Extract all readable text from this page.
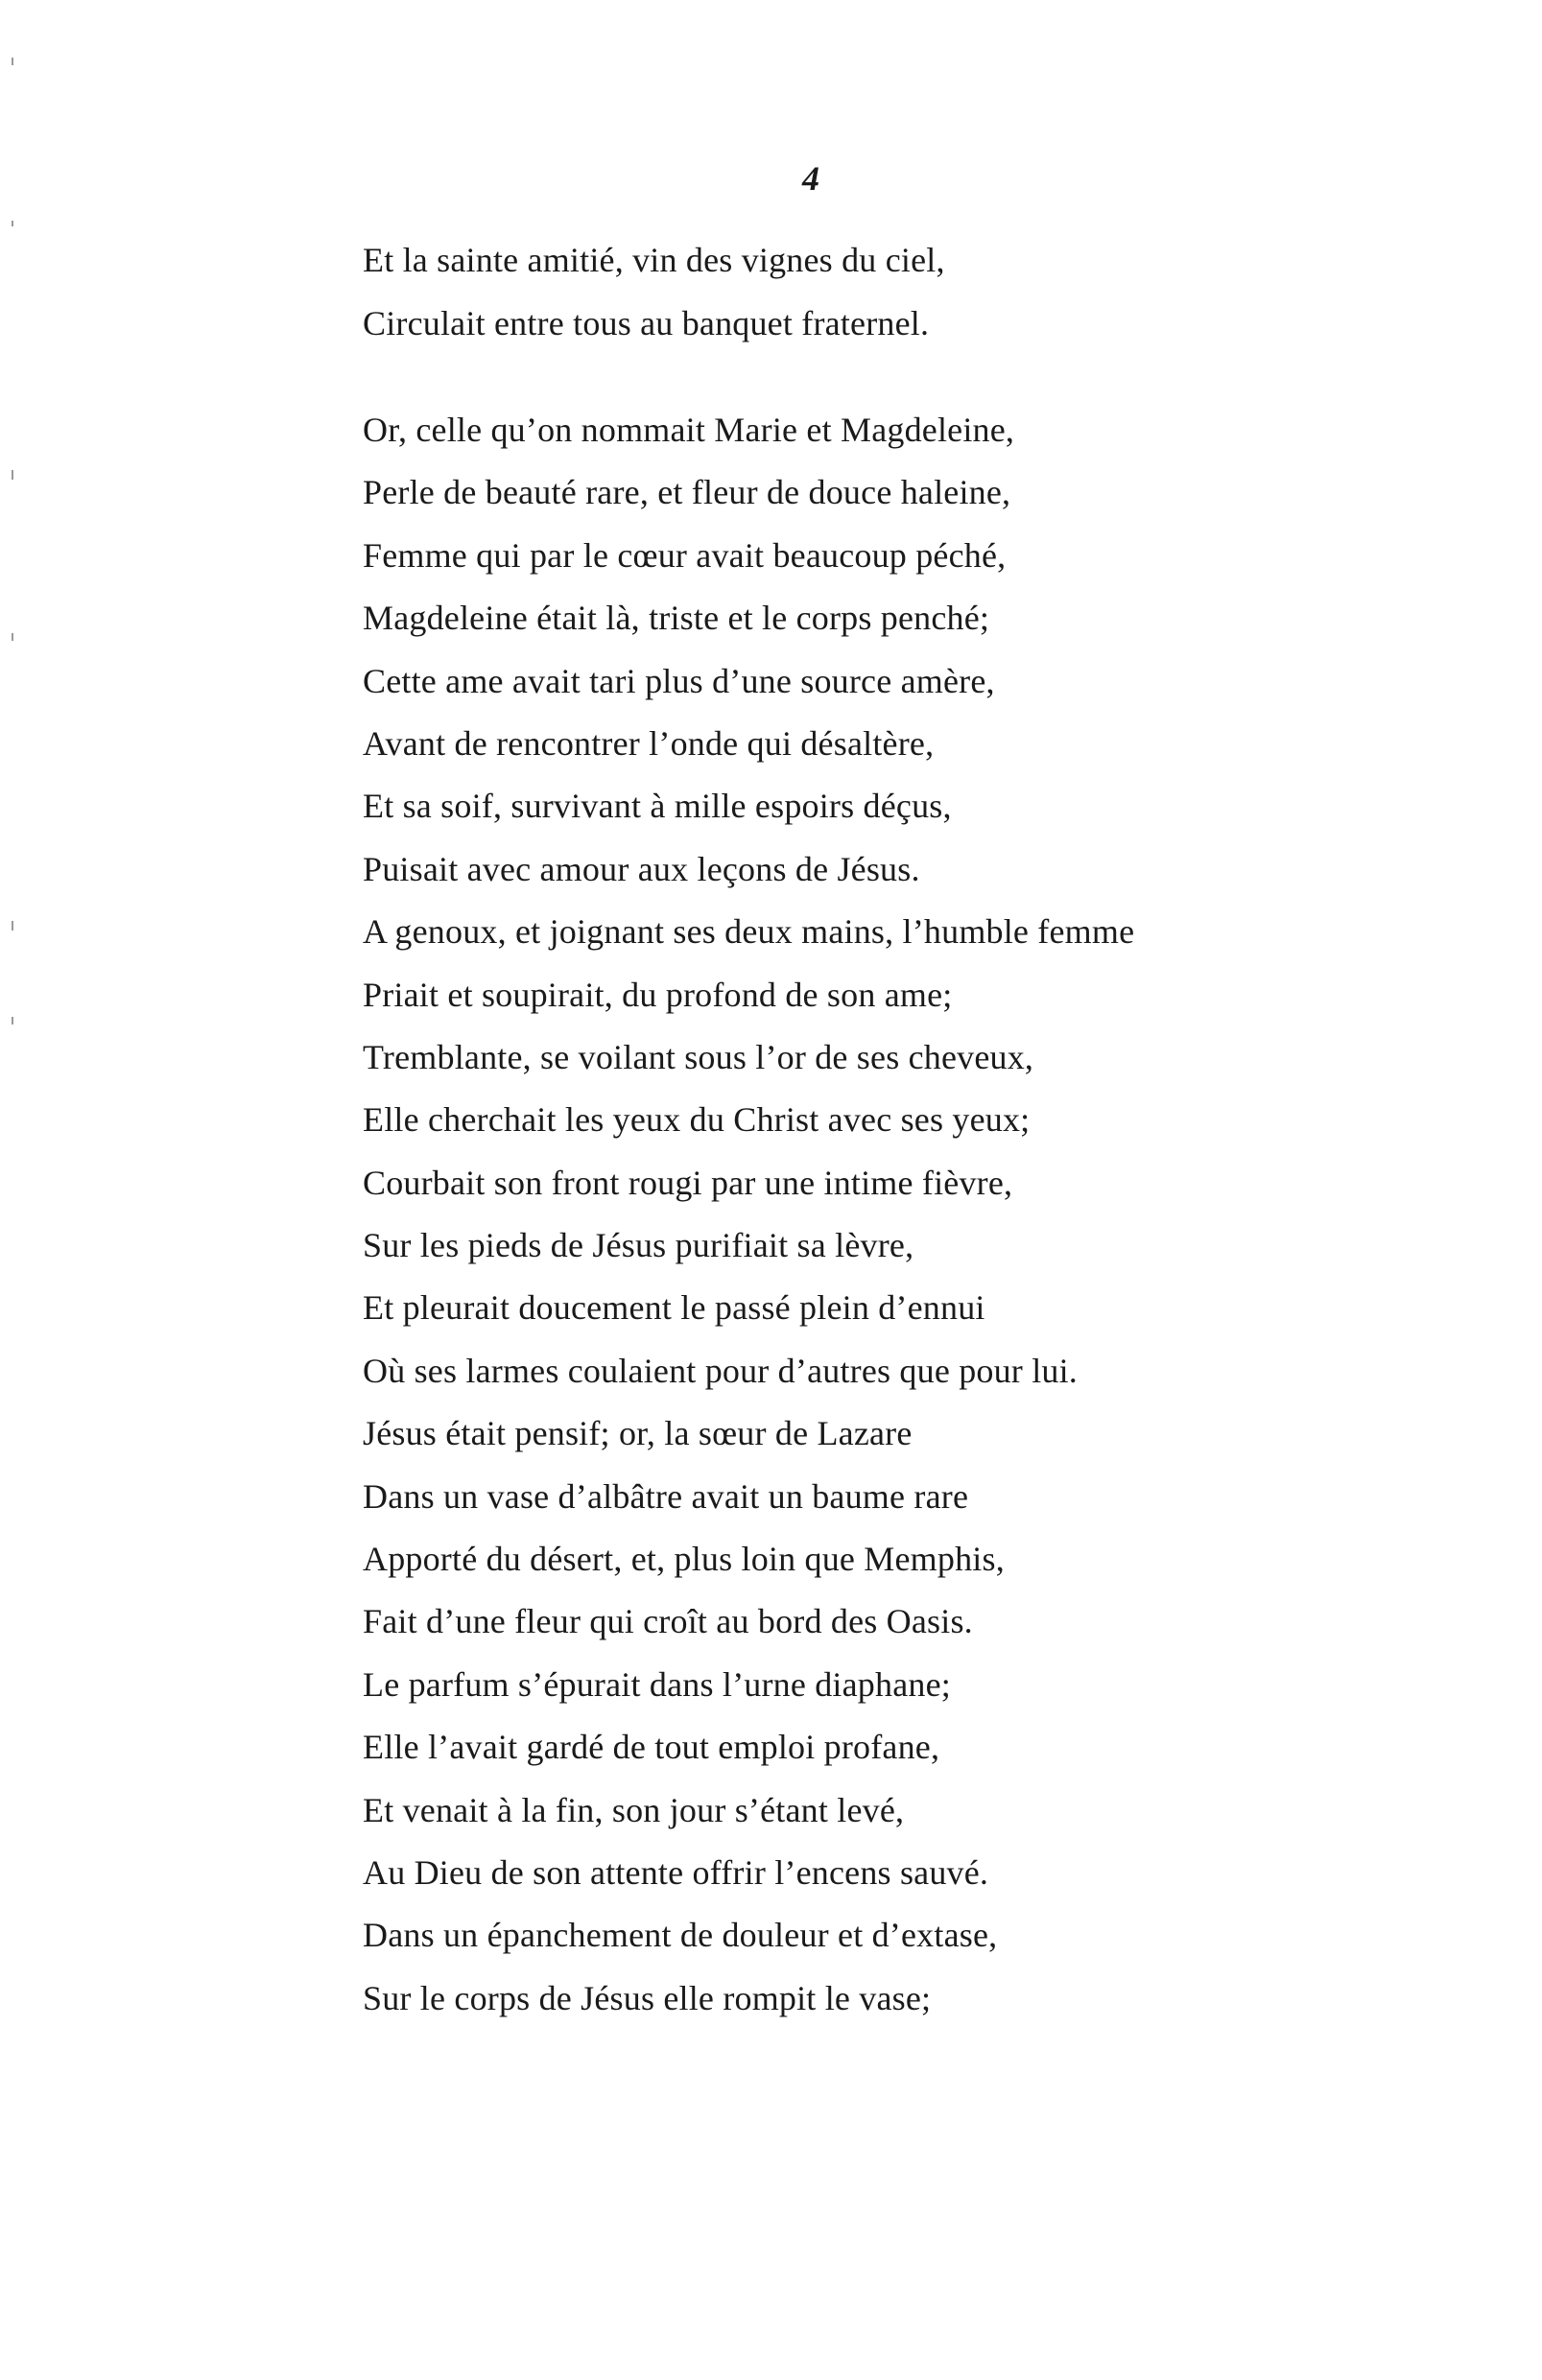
4
Et la sainte amitié, vin des vignes du ciel,
Circulait entre tous au banquet fraternel.
Or, celle qu’on nommait Marie et Magdeleine,
Perle de beauté rare, et fleur de douce haleine,
Femme qui par le cœur avait beaucoup péché,
Magdeleine était là, triste et le corps penché;
Cette ame avait tari plus d’une source amère,
Avant de rencontrer l’onde qui désaltère,
Et sa soif, survivant à mille espoirs déçus,
Puisait avec amour aux leçons de Jésus.
A genoux, et joignant ses deux mains, l’humble femme
Priait et soupirait, du profond de son ame;
Tremblante, se voilant sous l’or de ses cheveux,
Elle cherchait les yeux du Christ avec ses yeux;
Courbait son front rougi par une intime fièvre,
Sur les pieds de Jésus purifiait sa lèvre,
Et pleurait doucement le passé plein d’ennui
Où ses larmes coulaient pour d’autres que pour lui.
Jésus était pensif; or, la sœur de Lazare
Dans un vase d’albâtre avait un baume rare
Apporté du désert, et, plus loin que Memphis,
Fait d’une fleur qui croît au bord des Oasis.
Le parfum s’épurait dans l’urne diaphane;
Elle l’avait gardé de tout emploi profane,
Et venait à la fin, son jour s’étant levé,
Au Dieu de son attente offrir l’encens sauvé.
Dans un épanchement de douleur et d’extase,
Sur le corps de Jésus elle rompit le vase;
